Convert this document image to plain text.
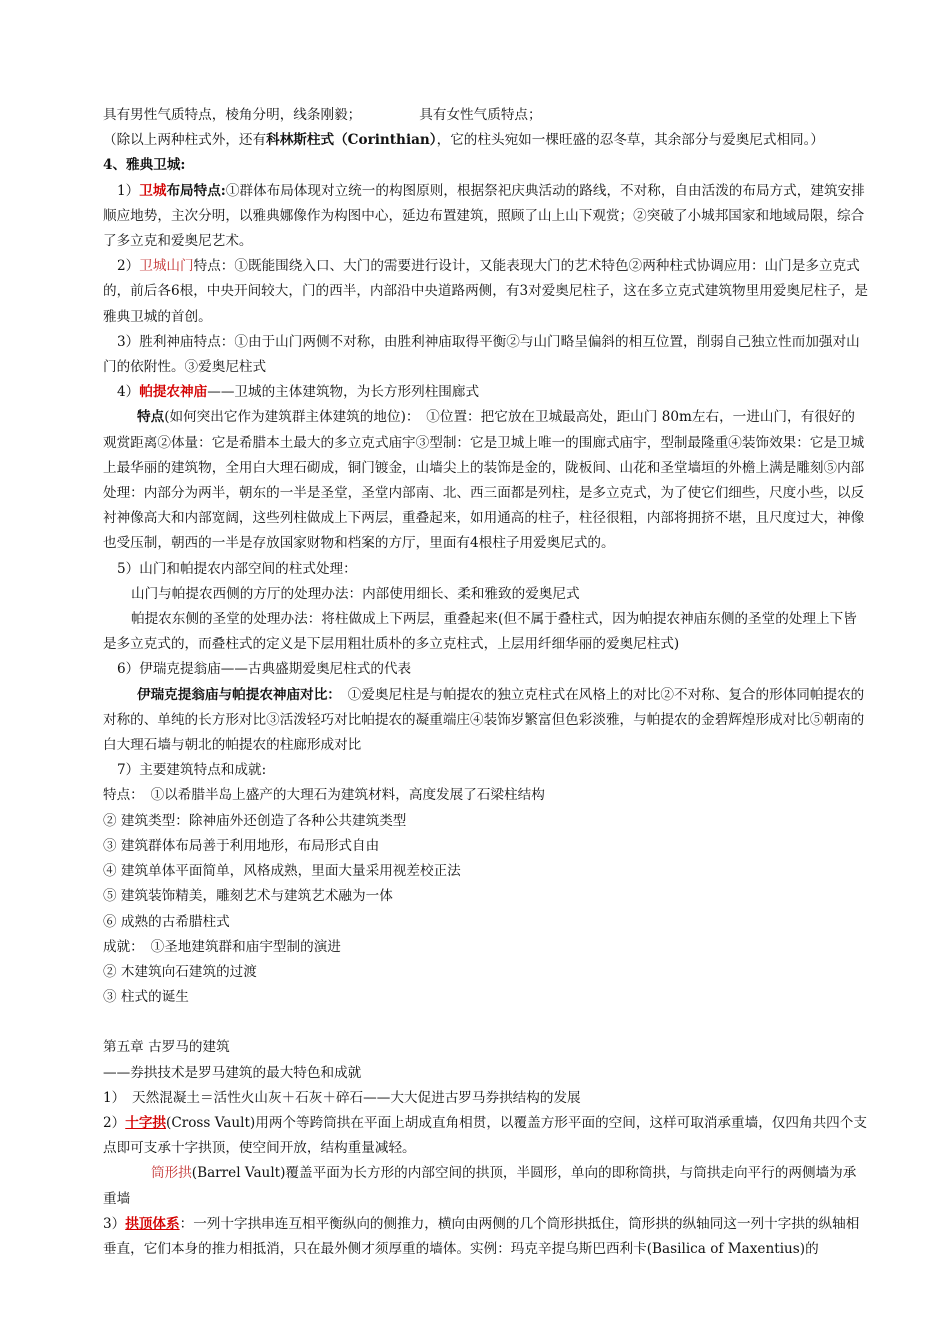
具有男性气质特点，棱角分明，线条刚毅；	具有女性气质特点；

（除以上两种柱式外，还有科林斯柱式（Corinthian），它的柱头宛如一棵旺盛的忍冬草，其余部分与爱奥尼式相同。）

4、雅典卫城:

1）卫城布局特点:①群体布局体现对立统一的构图原则，根据祭祀庆典活动的路线，不对称，自由活泼的布局方式，建筑安排顺应地势，主次分明，以雅典娜像作为构图中心，延边布置建筑，照顾了山上山下观赏；②突破了小城邦国家和地域局限，综合了多立克和爱奥尼艺术。

2）卫城山门特点：①既能围绕入口、大门的需要进行设计，又能表现大门的艺术特色②两种柱式协调应用：山门是多立克式的，前后各6根，中央开间较大，门的西半，内部沿中央道路两侧，有3对爱奥尼柱子，这在多立克式建筑物里用爱奥尼柱子，是雅典卫城的首创。

3）胜利神庙特点：①由于山门两侧不对称，由胜利神庙取得平衡②与山门略呈偏斜的相互位置，削弱自己独立性而加强对山门的依附性。③爱奥尼柱式

4）帕提农神庙——卫城的主体建筑物，为长方形列柱围廊式

特点(如何突出它作为建筑群主体建筑的地位)：　①位置：把它放在卫城最高处，距山门 80m左右，一进山门，有很好的观赏距离②体量：它是希腊本土最大的多立克式庙宇③型制：它是卫城上唯一的围廊式庙宇，型制最隆重④装饰效果：它是卫城上最华丽的建筑物，全用白大理石砌成，铜门镀金，山墙尖上的装饰是金的，陇板间、山花和圣堂墙垣的外檐上满是雕刻⑤内部处理：内部分为两半，朝东的一半是圣堂，圣堂内部南、北、西三面都是列柱，是多立克式，为了使它们细些，尺度小些，以反衬神像高大和内部宽阔，这些列柱做成上下两层，重叠起来，如用通高的柱子，柱径很粗，内部将拥挤不堪，且尺度过大，神像也受压制，朝西的一半是存放国家财物和档案的方厅，里面有4根柱子用爱奥尼式的。

5）山门和帕提农内部空间的柱式处理：

山门与帕提农西侧的方厅的处理办法：内部使用细长、柔和雅致的爱奥尼式

帕提农东侧的圣堂的处理办法：将柱做成上下两层，重叠起来(但不属于叠柱式，因为帕提农神庙东侧的圣堂的处理上下皆是多立克式的，而叠柱式的定义是下层用粗壮质朴的多立克柱式，上层用纤细华丽的爱奥尼柱式)

6）伊瑞克提翁庙——古典盛期爱奥尼柱式的代表

伊瑞克提翁庙与帕提农神庙对比：　①爱奥尼柱是与帕提农的独立克柱式在风格上的对比②不对称、复合的形体同帕提农的对称的、单纯的长方形对比③活泼轻巧对比帕提农的凝重端庄④装饰岁繁富但色彩淡雅，与帕提农的金碧辉煌形成对比⑤朝南的白大理石墙与朝北的帕提农的柱廊形成对比

7）主要建筑特点和成就:

特点：　①以希腊半岛上盛产的大理石为建筑材料，高度发展了石梁柱结构

② 建筑类型：除神庙外还创造了各种公共建筑类型

③ 建筑群体布局善于利用地形，布局形式自由

④ 建筑单体平面简单，风格成熟，里面大量采用视差校正法

⑤ 建筑装饰精美，雕刻艺术与建筑艺术融为一体

⑥ 成熟的古希腊柱式

成就：　①圣地建筑群和庙宇型制的演进

② 木建筑向石建筑的过渡

③ 柱式的诞生

第五章 古罗马的建筑

——券拱技术是罗马建筑的最大特色和成就

1）　天然混凝土＝活性火山灰＋石灰＋碎石——大大促进古罗马券拱结构的发展

2）十字拱(Cross Vault)用两个等跨筒拱在平面上胡成直角相贯，以覆盖方形平面的空间，这样可取消承重墙，仅四角共四个支点即可支承十字拱顶，使空间开放，结构重量减轻。

筒形拱(Barrel Vault)覆盖平面为长方形的内部空间的拱顶，半圆形，单向的即称筒拱，与筒拱走向平行的两侧墙为承重墙

3）拱顶体系：一列十字拱串连互相平衡纵向的侧推力，横向由两侧的几个筒形拱抵住，筒形拱的纵轴同这一列十字拱的纵轴相垂直，它们本身的推力相抵消，只在最外侧才须厚重的墙体。实例：玛克辛提乌斯巴西利卡(Basilica of Maxentius)的
